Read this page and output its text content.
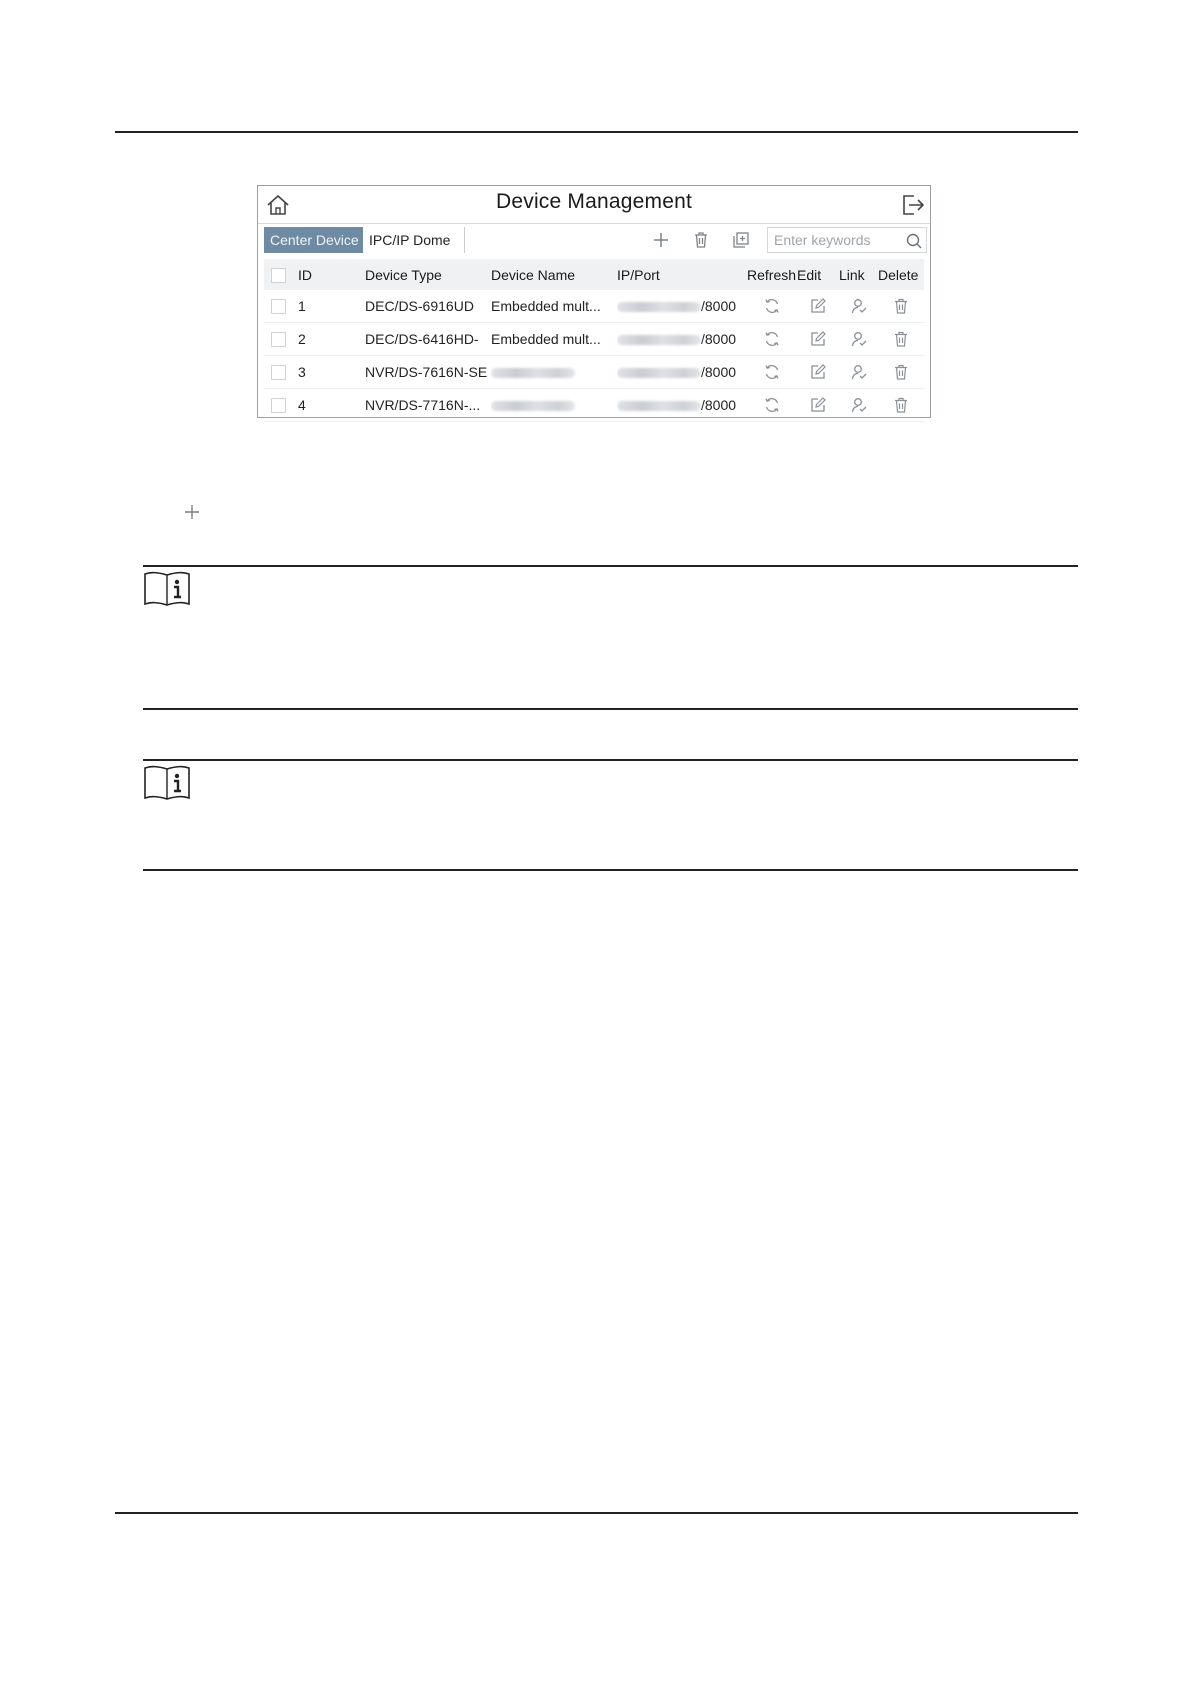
Device Management
Center Device IPC/IP Dome
Enter keywords
	ID	Device Type	Device Name	IP/Port	Refresh	Edit	Link	Delete
	1	DEC/DS-6916UD	Embedded mult...	/8000				
	2	DEC/DS-6416HD-	Embedded mult...	/8000				
	3	NVR/DS-7616N-SE		/8000				
	4	NVR/DS-7716N-...		/8000				
